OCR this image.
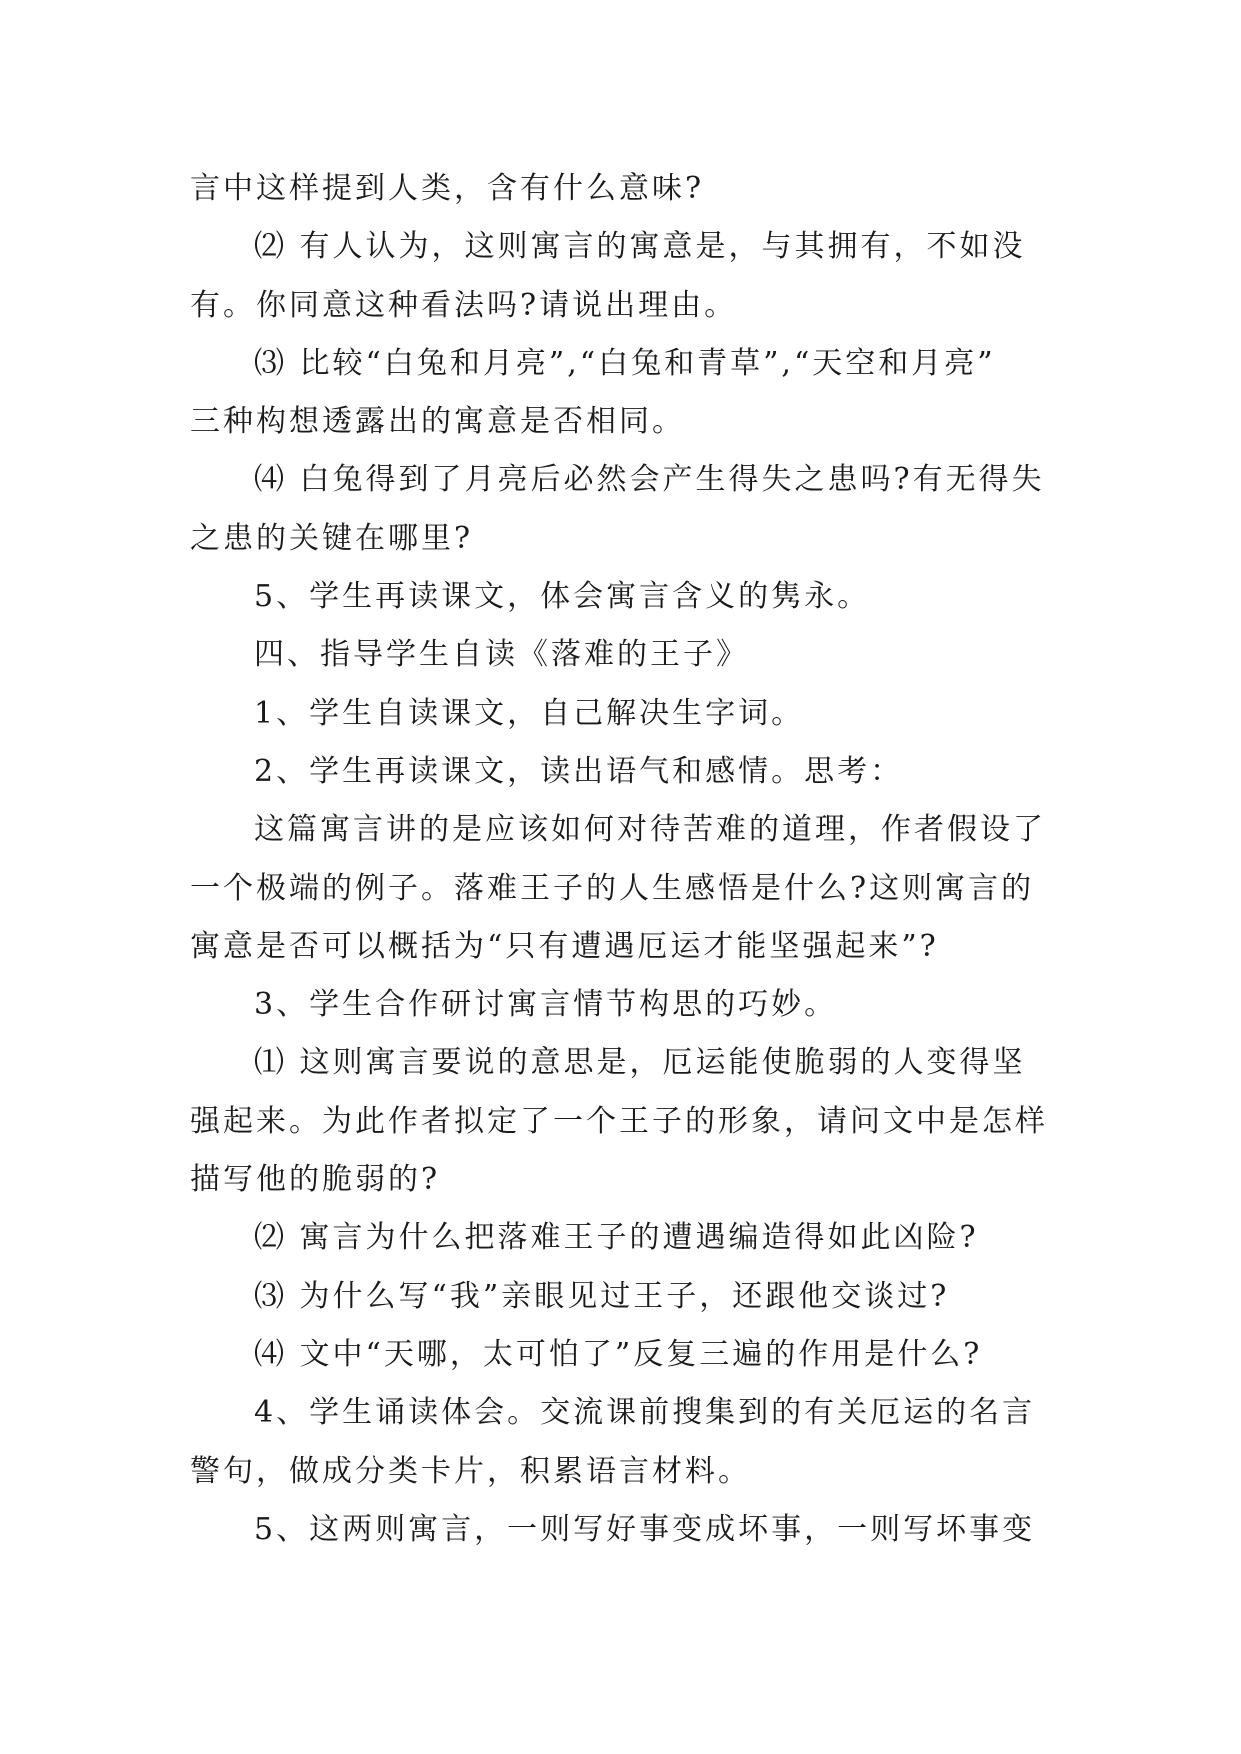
言中这样提到人类，含有什么意味?
⑵ 有人认为，这则寓言的寓意是，与其拥有，不如没
有。你同意这种看法吗?请说出理由。
⑶ 比较“白兔和月亮”,“白兔和青草”,“天空和月亮”
三种构想透露出的寓意是否相同。
⑷ 白兔得到了月亮后必然会产生得失之患吗?有无得失
之患的关键在哪里?
5、学生再读课文，体会寓言含义的隽永。
四、指导学生自读《落难的王子》
1、学生自读课文，自己解决生字词。
2、学生再读课文，读出语气和感情。思考：
这篇寓言讲的是应该如何对待苦难的道理，作者假设了
一个极端的例子。落难王子的人生感悟是什么?这则寓言的
寓意是否可以概括为“只有遭遇厄运才能坚强起来”?
3、学生合作研讨寓言情节构思的巧妙。
⑴ 这则寓言要说的意思是，厄运能使脆弱的人变得坚
强起来。为此作者拟定了一个王子的形象，请问文中是怎样
描写他的脆弱的?
⑵ 寓言为什么把落难王子的遭遇编造得如此凶险?
⑶ 为什么写“我”亲眼见过王子，还跟他交谈过?
⑷ 文中“天哪，太可怕了”反复三遍的作用是什么?
4、学生诵读体会。交流课前搜集到的有关厄运的名言
警句，做成分类卡片，积累语言材料。
5、这两则寓言，一则写好事变成坏事，一则写坏事变
